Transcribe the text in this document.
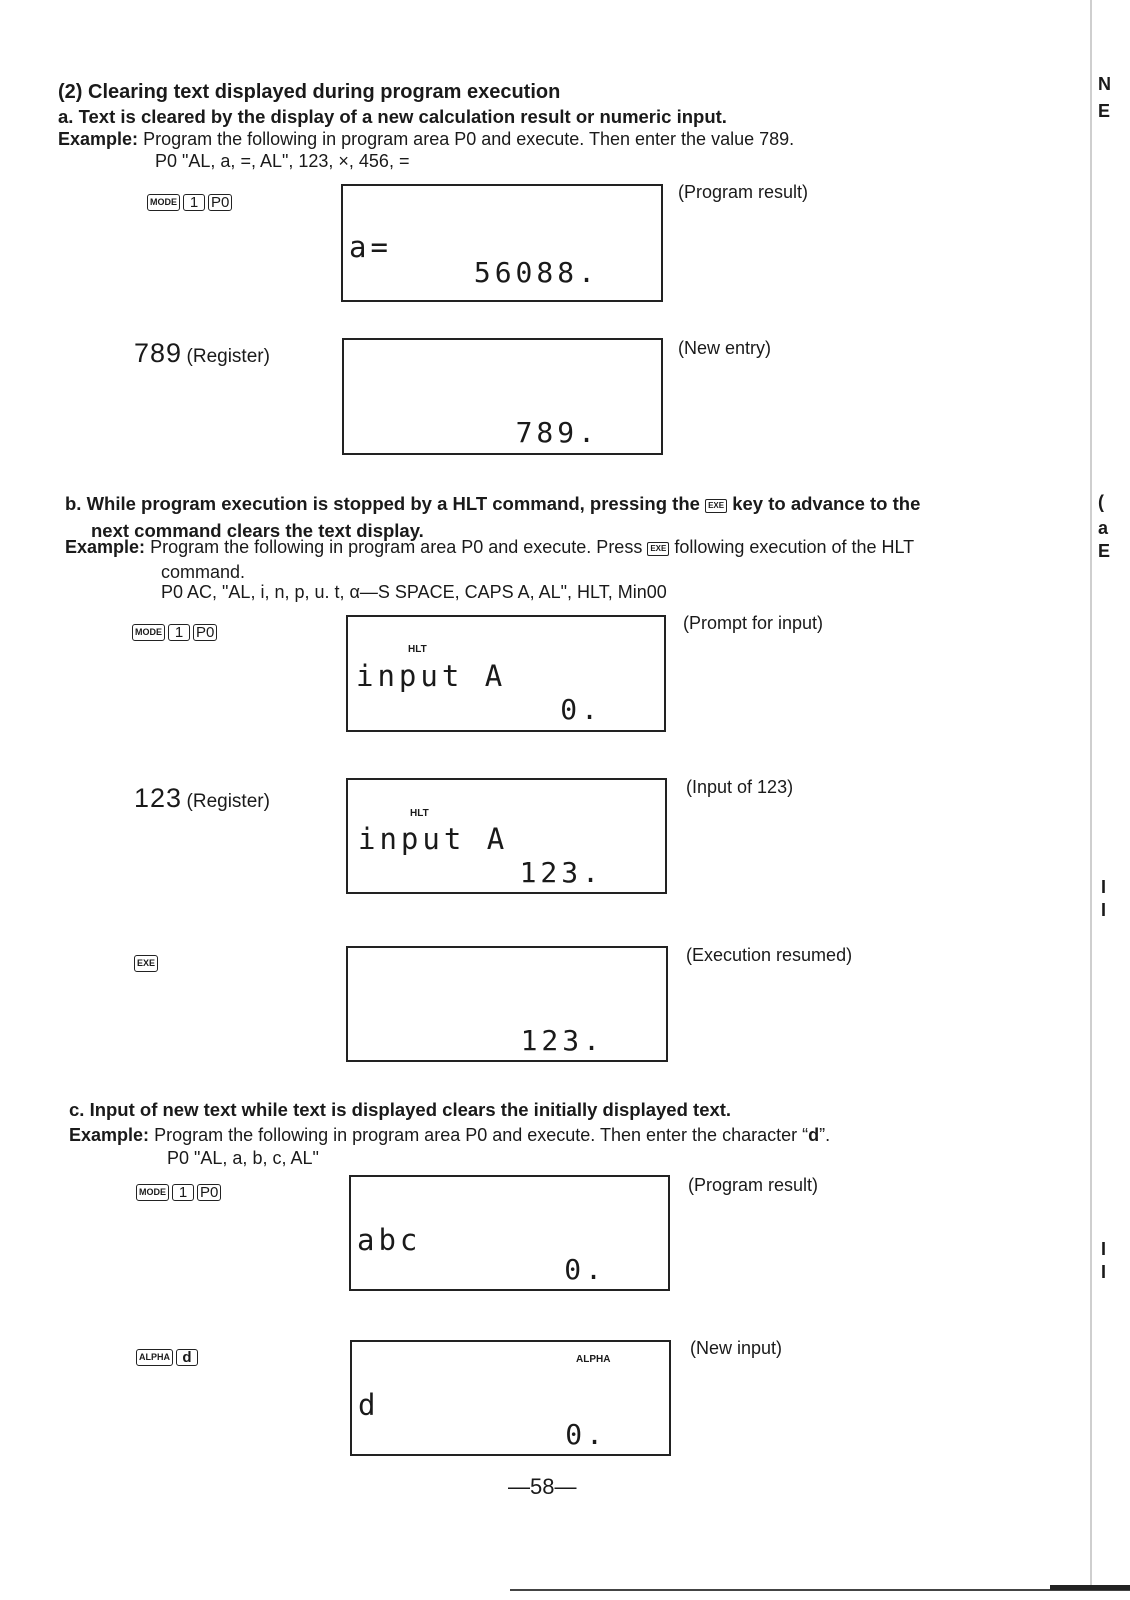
(2) Clearing text displayed during program execution
a. Text is cleared by the display of a new calculation result or numeric input.
Example: Program the following in program area P0 and execute. Then enter the value 789.
P0 "AL, a, =, AL", 123, ×, 456, =
MODE 1 P0
a=
56088.
(Program result)
789 (Register)
789.
(New entry)
b. While program execution is stopped by a HLT command, pressing the EXE key to advance to the
next command clears the text display.
Example: Program the following in program area P0 and execute. Press EXE following execution of the HLT
command.
P0 AC, "AL, i, n, p, u. t, α—S SPACE, CAPS A, AL", HLT, Min00
MODE 1 P0
HLT
input A
0.
(Prompt for input)
123 (Register)
HLT
input A
123.
(Input of 123)
EXE
123.
(Execution resumed)
c. Input of new text while text is displayed clears the initially displayed text.
Example: Program the following in program area P0 and execute. Then enter the character “d”.
P0 "AL, a, b, c, AL"
MODE 1 P0
abc
0.
(Program result)
ALPHA d	ALPHA
d
0.
(New input)
—58—
N
E
(
a
E
I
I
I
I
